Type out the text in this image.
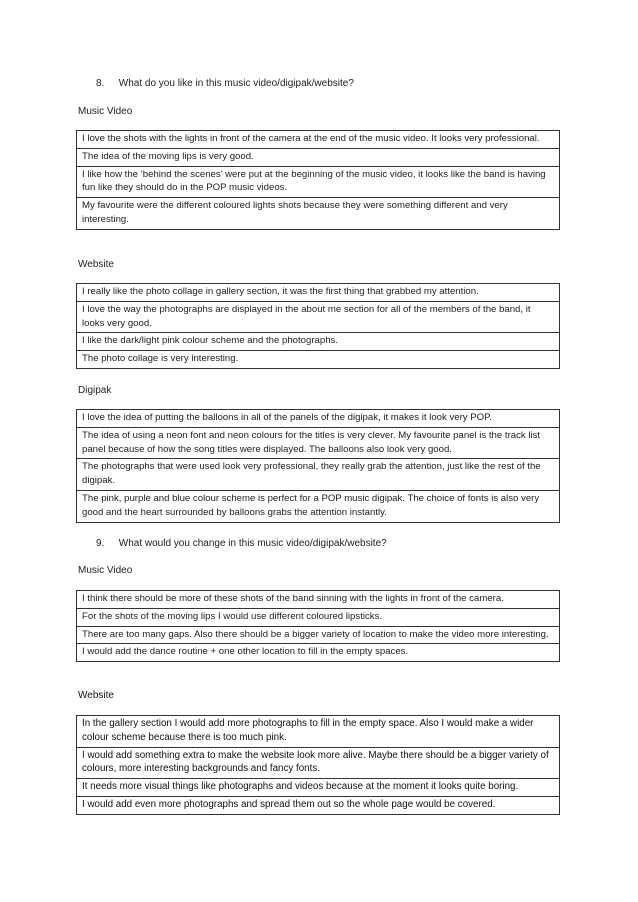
8. What do you like in this music video/digipak/website?
Music Video
I love the shots with the lights in front of the camera at the end of the music video. It looks very professional.
The idea of the moving lips is very good.
I like how the ‘behind the scenes’ were put at the beginning of the music video, it looks like the band is having fun like they should do in the POP music videos.
My favourite were the different coloured lights shots because they were something different and very interesting.
Website
I really like the photo collage in gallery section, it was the first thing that grabbed my attention.
I love the way the photographs are displayed in the about me section for all of the members of the band, it looks very good.
I like the dark/light pink colour scheme and the photographs.
The photo collage is very interesting.
Digipak
I love the idea of putting the balloons in all of the panels of the digipak, it makes it look very POP.
The idea of using a neon font and neon colours for the titles is very clever. My favourite panel is the track list panel because of how the song titles were displayed. The balloons also look very good.
The photographs that were used look very professional, they really grab the attention, just like the rest of the digipak.
The pink, purple and blue colour scheme is perfect for a POP music digipak. The choice of fonts is also very good and the heart surrounded by balloons grabs the attention instantly.
9. What would you change in this music video/digipak/website?
Music Video
I think there should be more of these shots of the band sinning with the lights in front of the camera.
For the shots of the moving lips I would use different coloured lipsticks.
There are too many gaps. Also there should be a bigger variety of location to make the video more interesting.
I would add the dance routine + one other location to fill in the empty spaces.
Website
In the gallery section I would add more photographs to fill in the empty space. Also I would make a wider colour scheme because there is too much pink.
I would add something extra to make the website look more alive. Maybe there should be a bigger variety of colours, more interesting backgrounds and fancy fonts.
It needs more visual things like photographs and videos because at the moment it looks quite boring.
I would add even more photographs and spread them out so the whole page would be covered.
